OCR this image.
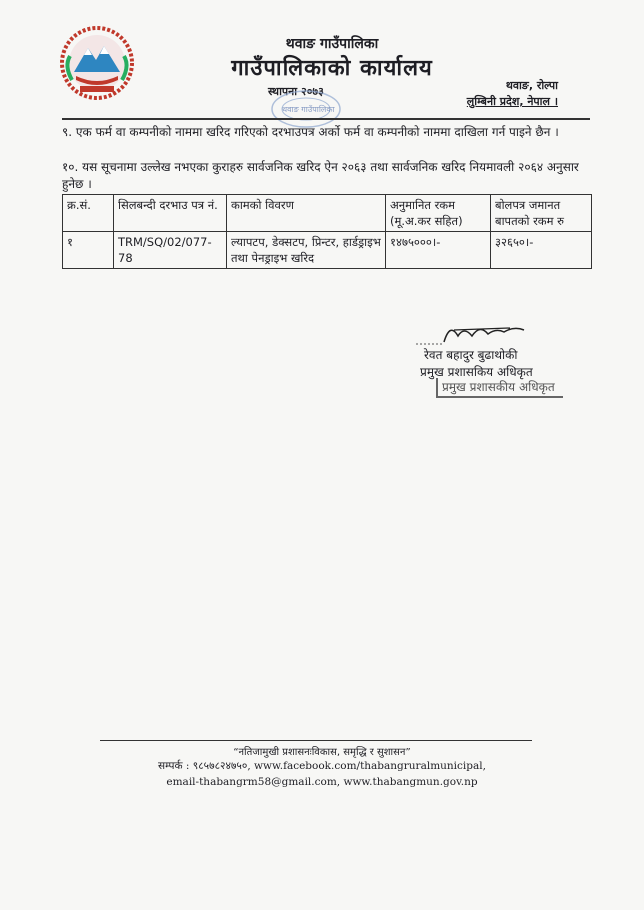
थवाङ गाउँपालिका
गाउँपालिकाको कार्यालय
स्थापना २०७३
थवाङ गाउँपालिका
थवाङ, रोल्पा
लुम्बिनी प्रदेश, नेपाल ।
९. एक फर्म वा कम्पनीको नाममा खरिद गरिएको दरभाउपत्र अर्को फर्म वा कम्पनीको नाममा दाखिला गर्न पाइने छैन ।
१०. यस सूचनामा उल्लेख नभएका कुराहरु सार्वजनिक खरिद ऐन २०६३ तथा सार्वजनिक खरिद नियमावली २०६४ अनुसार हुनेछ ।
क्र.सं.	सिलबन्दी दरभाउ पत्र नं.	कामको विवरण	अनुमानित रकम (मू.अ.कर सहित)	बोलपत्र जमानत बापतको रकम रु
१	TRM/SQ/02/077-78	ल्यापटप, डेक्सटप, प्रिन्टर, हार्डड्राइभ तथा पेनड्राइभ खरिद	१४७५०००।-	३२६५०।-
रेवत बहादुर बुढाथोकी
प्रमुख प्रशासकिय अधिकृत
प्रमुख प्रशासकीय अधिकृत
“नतिजामुखी प्रशासनःविकास, समृद्धि र सुशासन”
सम्पर्क : ९८५७८२४७५०, www.facebook.com/thabangruralmunicipal,
email-thabangrm58@gmail.com, www.thabangmun.gov.np
